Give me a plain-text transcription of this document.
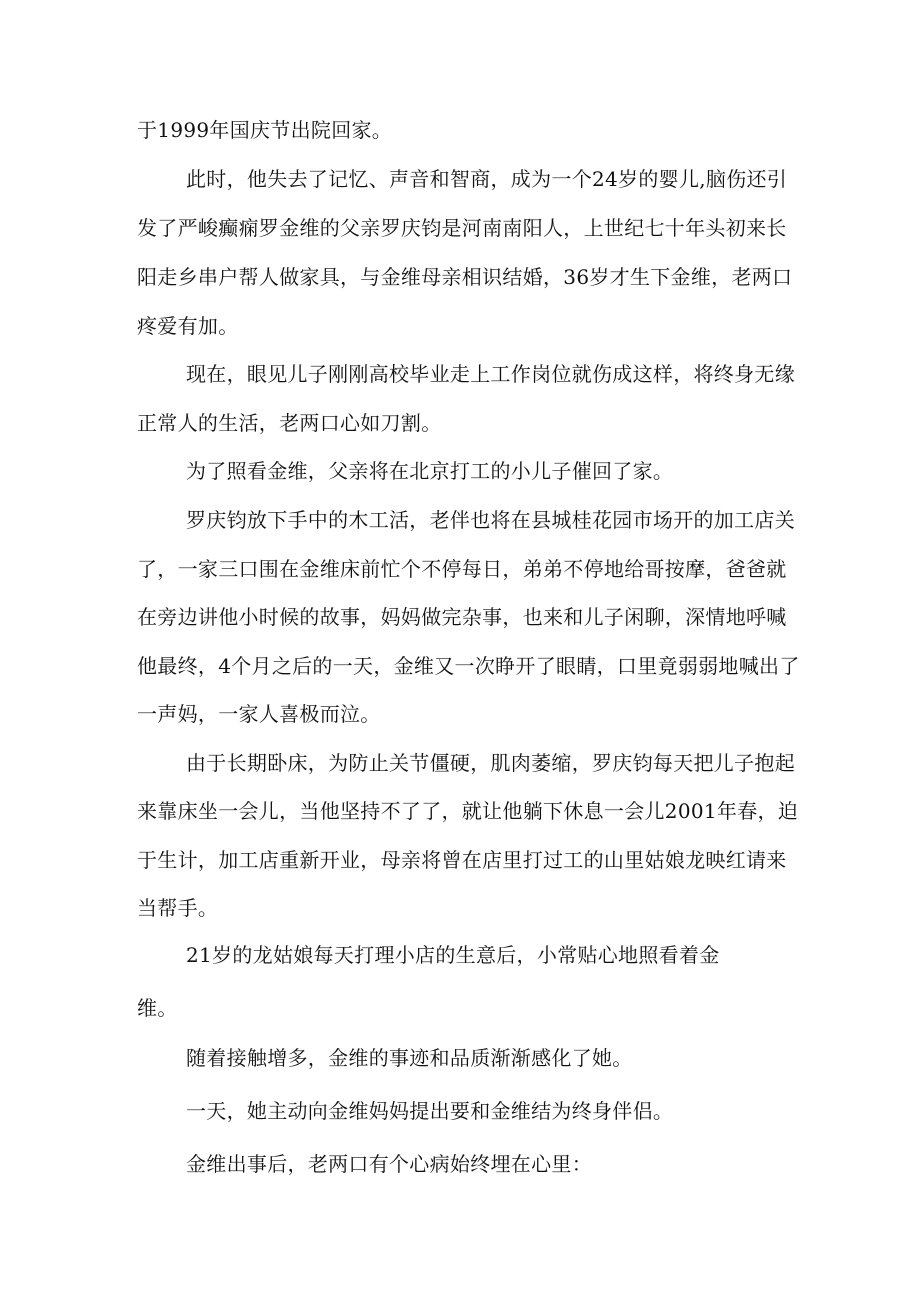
于1999年国庆节出院回家。
此时，他失去了记忆、声音和智商，成为一个24岁的婴儿,脑伤还引
发了严峻癫痫罗金维的父亲罗庆钧是河南南阳人，上世纪七十年头初来长
阳走乡串户帮人做家具，与金维母亲相识结婚，36岁才生下金维，老两口
疼爱有加。
现在，眼见儿子刚刚高校毕业走上工作岗位就伤成这样，将终身无缘
正常人的生活，老两口心如刀割。
为了照看金维，父亲将在北京打工的小儿子催回了家。
罗庆钧放下手中的木工活，老伴也将在县城桂花园市场开的加工店关
了，一家三口围在金维床前忙个不停每日，弟弟不停地给哥按摩，爸爸就
在旁边讲他小时候的故事，妈妈做完杂事，也来和儿子闲聊，深情地呼喊
他最终，4个月之后的一天，金维又一次睁开了眼睛，口里竟弱弱地喊出了
一声妈，一家人喜极而泣。
由于长期卧床，为防止关节僵硬，肌肉萎缩，罗庆钧每天把儿子抱起
来靠床坐一会儿，当他坚持不了了，就让他躺下休息一会儿2001年春，迫
于生计，加工店重新开业，母亲将曾在店里打过工的山里姑娘龙映红请来
当帮手。
21岁的龙姑娘每天打理小店的生意后，小常贴心地照看着金
维。
随着接触增多，金维的事迹和品质渐渐感化了她。
一天，她主动向金维妈妈提出要和金维结为终身伴侣。
金维出事后，老两口有个心病始终埋在心里：
